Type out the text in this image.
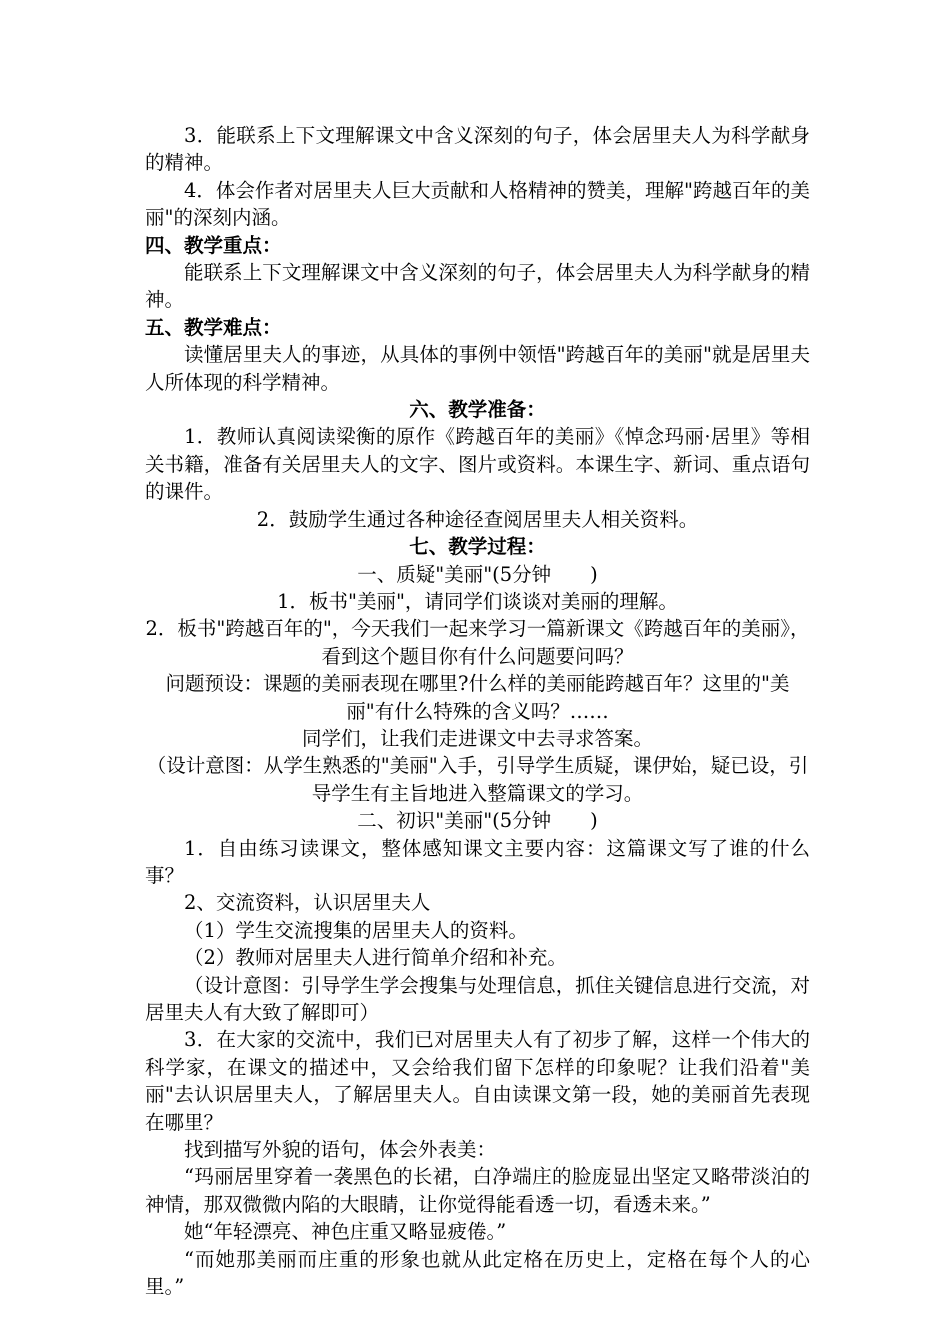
3．能联系上下文理解课文中含义深刻的句子，体会居里夫人为科学献身的精神。

4．体会作者对居里夫人巨大贡献和人格精神的赞美，理解"跨越百年的美丽"的深刻内涵。

四、教学重点：

能联系上下文理解课文中含义深刻的句子，体会居里夫人为科学献身的精神。

五、教学难点：

读懂居里夫人的事迹，从具体的事例中领悟"跨越百年的美丽"就是居里夫人所体现的科学精神。

六、教学准备：

1．教师认真阅读梁衡的原作《跨越百年的美丽》《悼念玛丽·居里》等相关书籍，准备有关居里夫人的文字、图片或资料。本课生字、新词、重点语句的课件。

2．鼓励学生通过各种途径查阅居里夫人相关资料。

七、教学过程：

一、质疑"美丽"(5分钟　　)

1．板书"美丽"，请同学们谈谈对美丽的理解。

2．板书"跨越百年的"，今天我们一起来学习一篇新课文《跨越百年的美丽》，看到这个题目你有什么问题要问吗？

问题预设：课题的美丽表现在哪里?什么样的美丽能跨越百年？这里的"美丽"有什么特殊的含义吗？……

同学们，让我们走进课文中去寻求答案。

（设计意图：从学生熟悉的"美丽"入手，引导学生质疑，课伊始，疑已设，引导学生有主旨地进入整篇课文的学习。

二、初识"美丽"(5分钟　　)

1．自由练习读课文，整体感知课文主要内容：这篇课文写了谁的什么事？

2、交流资料，认识居里夫人

（1）学生交流搜集的居里夫人的资料。

（2）教师对居里夫人进行简单介绍和补充。

（设计意图：引导学生学会搜集与处理信息，抓住关键信息进行交流，对居里夫人有大致了解即可）

3．在大家的交流中，我们已对居里夫人有了初步了解，这样一个伟大的科学家，在课文的描述中，又会给我们留下怎样的印象呢？让我们沿着"美丽"去认识居里夫人，了解居里夫人。自由读课文第一段，她的美丽首先表现在哪里？

找到描写外貌的语句，体会外表美：

“玛丽居里穿着一袭黑色的长裙，白净端庄的脸庞显出坚定又略带淡泊的神情，那双微微内陷的大眼睛，让你觉得能看透一切，看透未来。”

她“年轻漂亮、神色庄重又略显疲倦。”

“而她那美丽而庄重的形象也就从此定格在历史上，定格在每个人的心里。”
